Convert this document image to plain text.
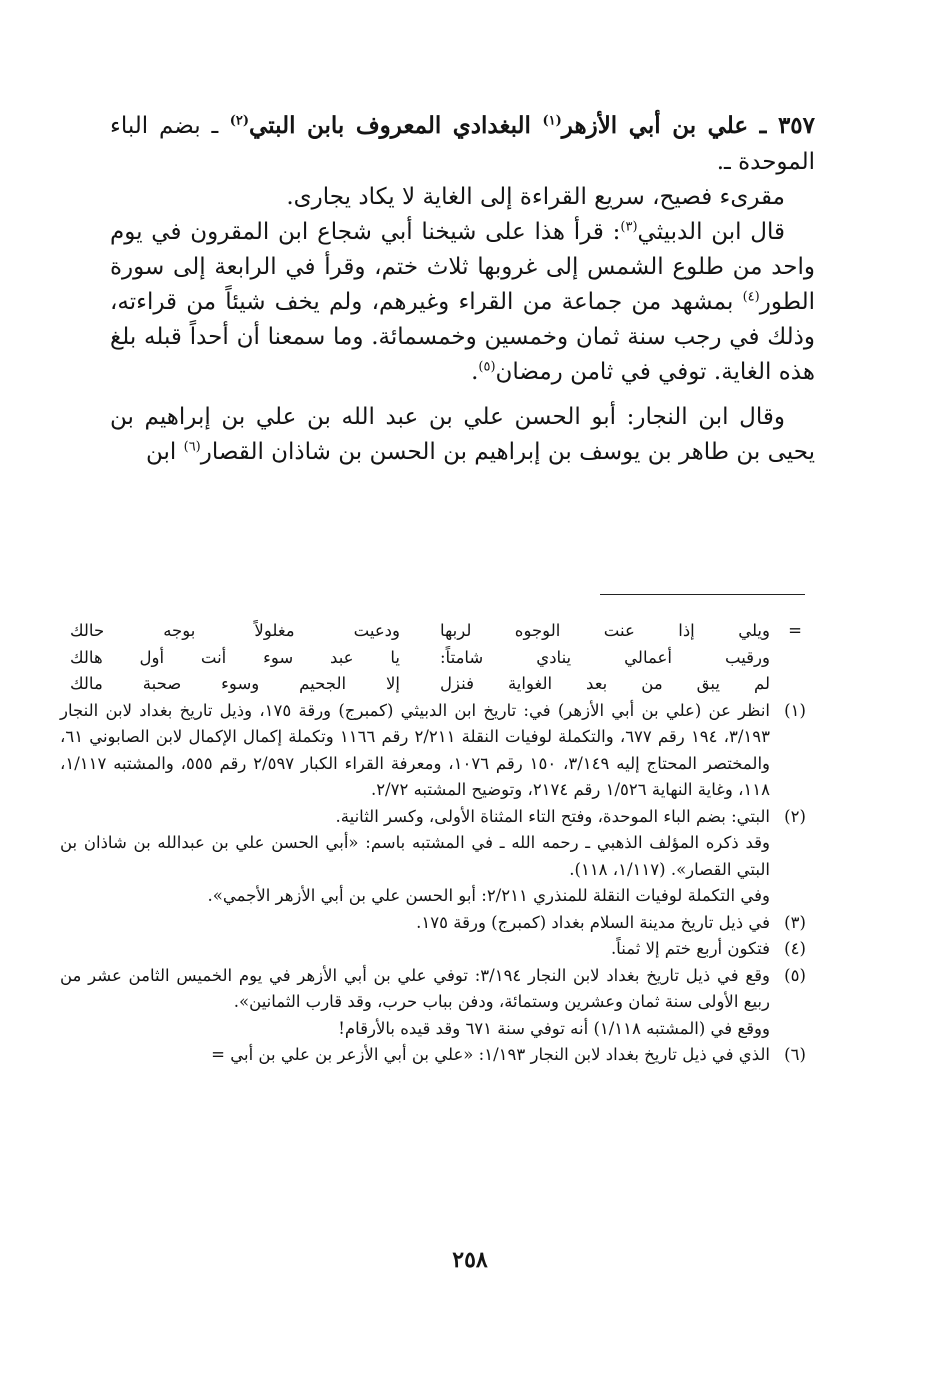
٣٥٧ ـ علي بن أبي الأزهر$^{(١)}$ البغدادي المعروف بابن البتي$^{(٢)}$ ـ بضم الباء الموحدة ـ.

مقرىء فصيح، سريع القراءة إلى الغاية لا يكاد يجارى.

قال ابن الدبيثي$^{(٣)}$: قرأ هذا على شيخنا أبي شجاع ابن المقرون في يوم واحد من طلوع الشمس إلى غروبها ثلاث ختم، وقرأ في الرابعة إلى سورة الطور$^{(٤)}$ بمشهد من جماعة من القراء وغيرهم، ولم يخف شيئاً من قراءته، وذلك في رجب سنة ثمان وخمسين وخمسمائة. وما سمعنا أن أحداً قبله بلغ هذه الغاية. توفي في ثامن رمضان$^{(٥)}$.

وقال ابن النجار: أبو الحسن علي بن عبد الله بن علي بن إبراهيم بن يحيى بن طاهر بن يوسف بن إبراهيم بن الحسن بن شاذان القصار$^{(٦)}$ ابن

=
ويلي إذا عنت الوجوه لربها
ودعيت مغلولاً بوجه حالك
ورقيب أعمالي ينادي شامتاً:
يا عبد سوء أنت أول هالك
لم يبق من بعد الغواية فنزل
إلا الجحيم وسوء صحبة مالك
(١)
انظر عن (علي بن أبي الأزهر) في: تاريخ ابن الدبيثي (كمبرج) ورقة ١٧٥، وذيل تاريخ بغداد لابن النجار ٣/١٩٣، ١٩٤ رقم ٦٧٧، والتكملة لوفيات النقلة ٢/٢١١ رقم ١١٦٦ وتكملة إكمال الإكمال لابن الصابوني ٦١، والمختصر المحتاج إليه ٣/١٤٩، ١٥٠ رقم ١٠٧٦، ومعرفة القراء الكبار ٢/٥٩٧ رقم ٥٥٥، والمشتبه ١/١١٧، ١١٨، وغاية النهاية ١/٥٢٦ رقم ٢١٧٤، وتوضيح المشتبه ٢/٧٢.
(٢)
البتي: بضم الباء الموحدة، وفتح التاء المثناة الأولى، وكسر الثانية.
وقد ذكره المؤلف الذهبي ـ رحمه الله ـ في المشتبه باسم: «أبي الحسن علي بن عبدالله بن شاذان بن البتي القصار». (١/١١٧، ١١٨).
وفي التكملة لوفيات النقلة للمنذري ٢/٢١١: أبو الحسن علي بن أبي الأزهر الأجمي».
(٣)
في ذيل تاريخ مدينة السلام بغداد (كمبرج) ورقة ١٧٥.
(٤)
فتكون أربع ختم إلا ثمناً.
(٥)
وقع في ذيل تاريخ بغداد لابن النجار ٣/١٩٤: توفي علي بن أبي الأزهر في يوم الخميس الثامن عشر من ربيع الأولى سنة ثمان وعشرين وستمائة، ودفن بباب حرب، وقد قارب الثمانين».
ووقع في (المشتبه ١/١١٨) أنه توفي سنة ٦٧١ وقد قيده بالأرقام!
(٦)
الذي في ذيل تاريخ بغداد لابن النجار ١/١٩٣: «علي بن أبي الأزعر بن علي بن أبي =
٢٥٨
